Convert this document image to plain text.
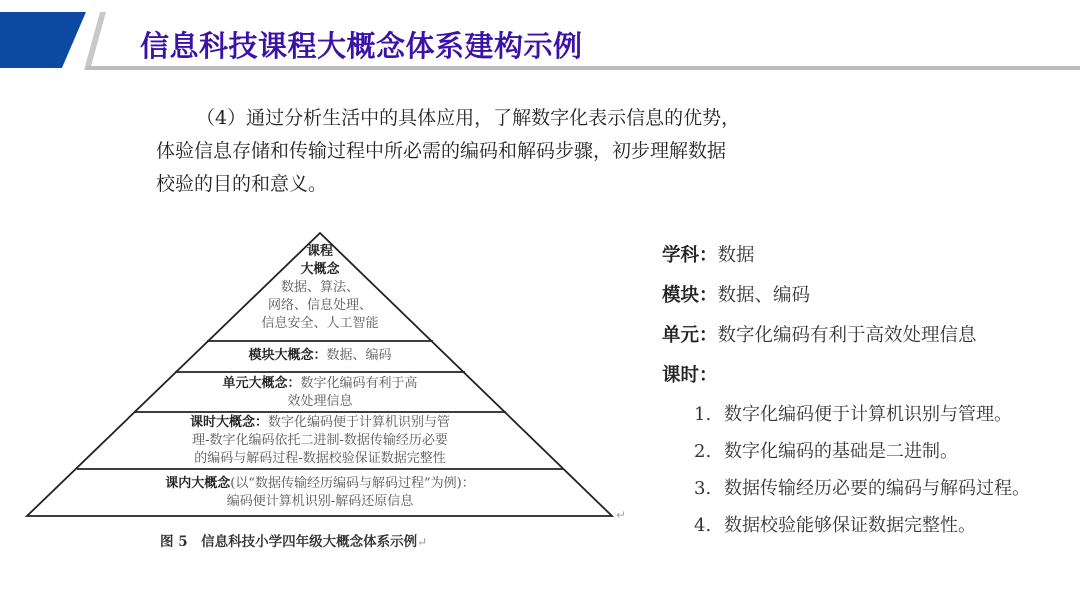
信息科技课程大概念体系建构示例

（4）通过分析生活中的具体应用，了解数字化表示信息的优势，

体验信息存储和传输过程中所必需的编码和解码步骤，初步理解数据

校验的目的和意义。

课程
大概念
数据、算法、
网络、信息处理、
信息安全、人工智能
模块大概念：数据、编码
单元大概念：数字化编码有利于高
效处理信息
课时大概念：数字化编码便于计算机识别与管
理-数字化编码依托二进制-数据传输经历必要
的编码与解码过程-数据校验保证数据完整性
课内大概念(以“数据传输经历编码与解码过程”为例)：
编码便计算机识别-解码还原信息
↵
图 5　信息科技小学四年级大概念体系示例↵
学科：数据
模块：数据、编码
单元：数字化编码有利于高效处理信息
课时：
1. 数字化编码便于计算机识别与管理。
2. 数字化编码的基础是二进制。
3. 数据传输经历必要的编码与解码过程。
4. 数据校验能够保证数据完整性。
